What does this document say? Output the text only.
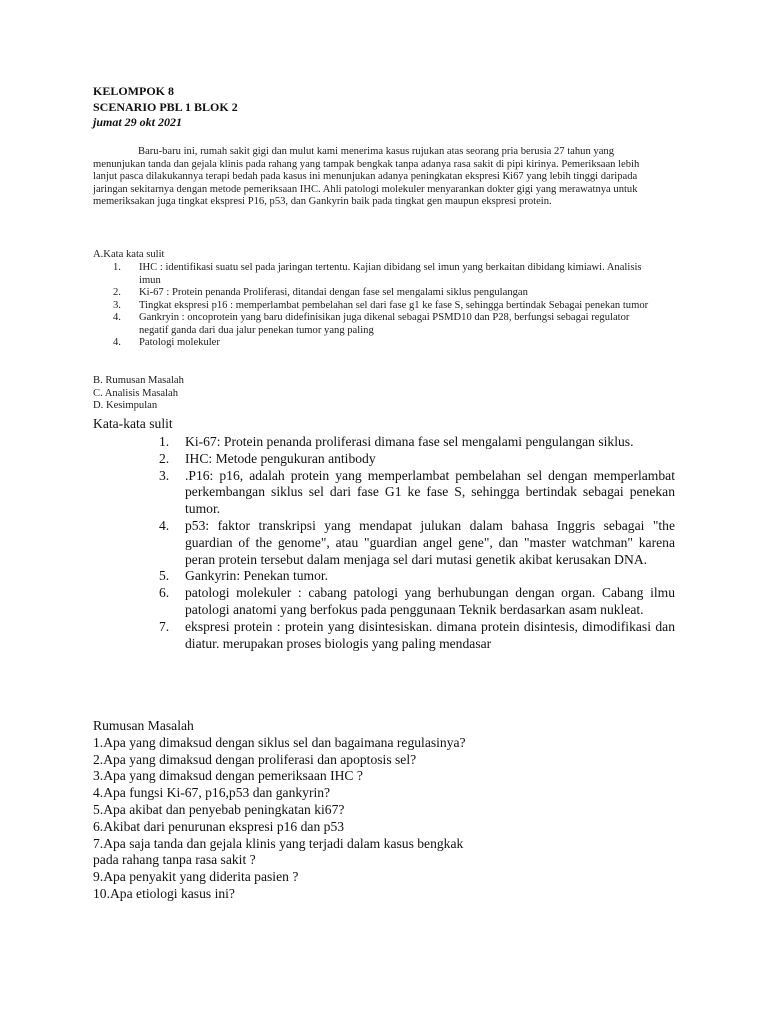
KELOMPOK 8
SCENARIO PBL 1 BLOK 2
jumat 29 okt 2021
Baru-baru ini, rumah sakit gigi dan mulut kami menerima kasus rujukan atas seorang pria berusia 27 tahun yang menunjukan tanda dan gejala klinis pada rahang yang tampak bengkak tanpa adanya rasa sakit di pipi kirinya. Pemeriksaan lebih lanjut pasca dilakukannya terapi bedah pada kasus ini menunjukan adanya peningkatan ekspresi Ki67 yang lebih tinggi daripada jaringan sekitarnya dengan metode pemeriksaan IHC. Ahli patologi molekuler menyarankan dokter gigi yang merawatnya untuk memeriksakan juga tingkat ekspresi P16, p53, dan Gankyrin baik pada tingkat gen maupun ekspresi protein.
A.Kata kata sulit
1. IHC : identifikasi suatu sel pada jaringan tertentu. Kajian dibidang sel imun yang berkaitan dibidang kimiawi. Analisis imun
2. Ki-67 : Protein penanda Proliferasi, ditandai dengan fase sel mengalami siklus pengulangan
3. Tingkat ekspresi p16 : memperlambat pembelahan sel dari fase g1 ke fase S, sehingga bertindak Sebagai penekan tumor
4. Gankryin : oncoprotein yang baru didefinisikan juga dikenal sebagai PSMD10 dan P28, berfungsi sebagai regulator negatif ganda dari dua jalur penekan tumor yang paling
4. Patologi molekuler
B. Rumusan Masalah
C. Analisis Masalah
D. Kesimpulan
Kata-kata sulit
1. Ki-67: Protein penanda proliferasi dimana fase sel mengalami pengulangan siklus.
2. IHC: Metode pengukuran antibody
3. .P16: p16, adalah protein yang memperlambat pembelahan sel dengan memperlambat perkembangan siklus sel dari fase G1 ke fase S, sehingga bertindak sebagai penekan tumor.
4. p53: faktor transkripsi yang mendapat julukan dalam bahasa Inggris sebagai "the guardian of the genome", atau "guardian angel gene", dan "master watchman" karena peran protein tersebut dalam menjaga sel dari mutasi genetik akibat kerusakan DNA.
5. Gankyrin: Penekan tumor.
6. patologi molekuler : cabang patologi yang berhubungan dengan organ. Cabang ilmu patologi anatomi yang berfokus pada penggunaan Teknik berdasarkan asam nukleat.
7. ekspresi protein : protein yang disintesiskan. dimana protein disintesis, dimodifikasi dan diatur. merupakan proses biologis yang paling mendasar
Rumusan Masalah
1.Apa yang dimaksud dengan siklus sel dan bagaimana regulasinya?
2.Apa yang dimaksud dengan proliferasi dan apoptosis sel?
3.Apa yang dimaksud dengan pemeriksaan IHC ?
4.Apa fungsi Ki-67, p16,p53 dan gankyrin?
5.Apa akibat dan penyebab peningkatan ki67?
6.Akibat dari penurunan ekspresi p16 dan p53
7.Apa saja tanda dan gejala klinis yang terjadi dalam kasus bengkak
pada rahang tanpa rasa sakit ?
9.Apa penyakit yang diderita pasien ?
10.Apa etiologi kasus ini?
